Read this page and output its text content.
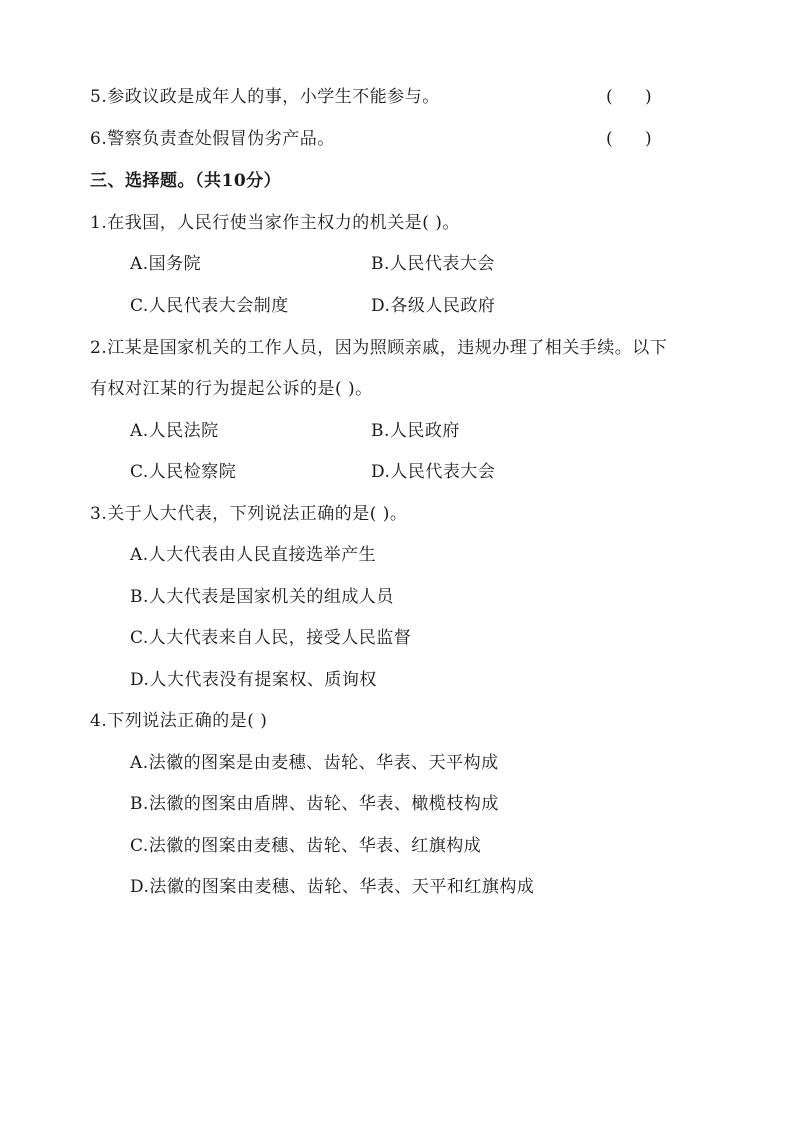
5.参政议政是成年人的事，小学生不能参与。	(      )
6.警察负责查处假冒伪劣产品。	(      )
三、选择题。（共10分）
1.在我国，人民行使当家作主权力的机关是( )。
A.国务院	B.人民代表大会
C.人民代表大会制度	D.各级人民政府
2.江某是国家机关的工作人员，因为照顾亲戚，违规办理了相关手续。以下
有权对江某的行为提起公诉的是( )。
A.人民法院	B.人民政府
C.人民检察院	D.人民代表大会
3.关于人大代表，下列说法正确的是( )。
A.人大代表由人民直接选举产生
B.人大代表是国家机关的组成人员
C.人大代表来自人民，接受人民监督
D.人大代表没有提案权、质询权
4.下列说法正确的是( )
A.法徽的图案是由麦穗、齿轮、华表、天平构成
B.法徽的图案由盾牌、齿轮、华表、橄榄枝构成
C.法徽的图案由麦穗、齿轮、华表、红旗构成
D.法徽的图案由麦穗、齿轮、华表、天平和红旗构成
